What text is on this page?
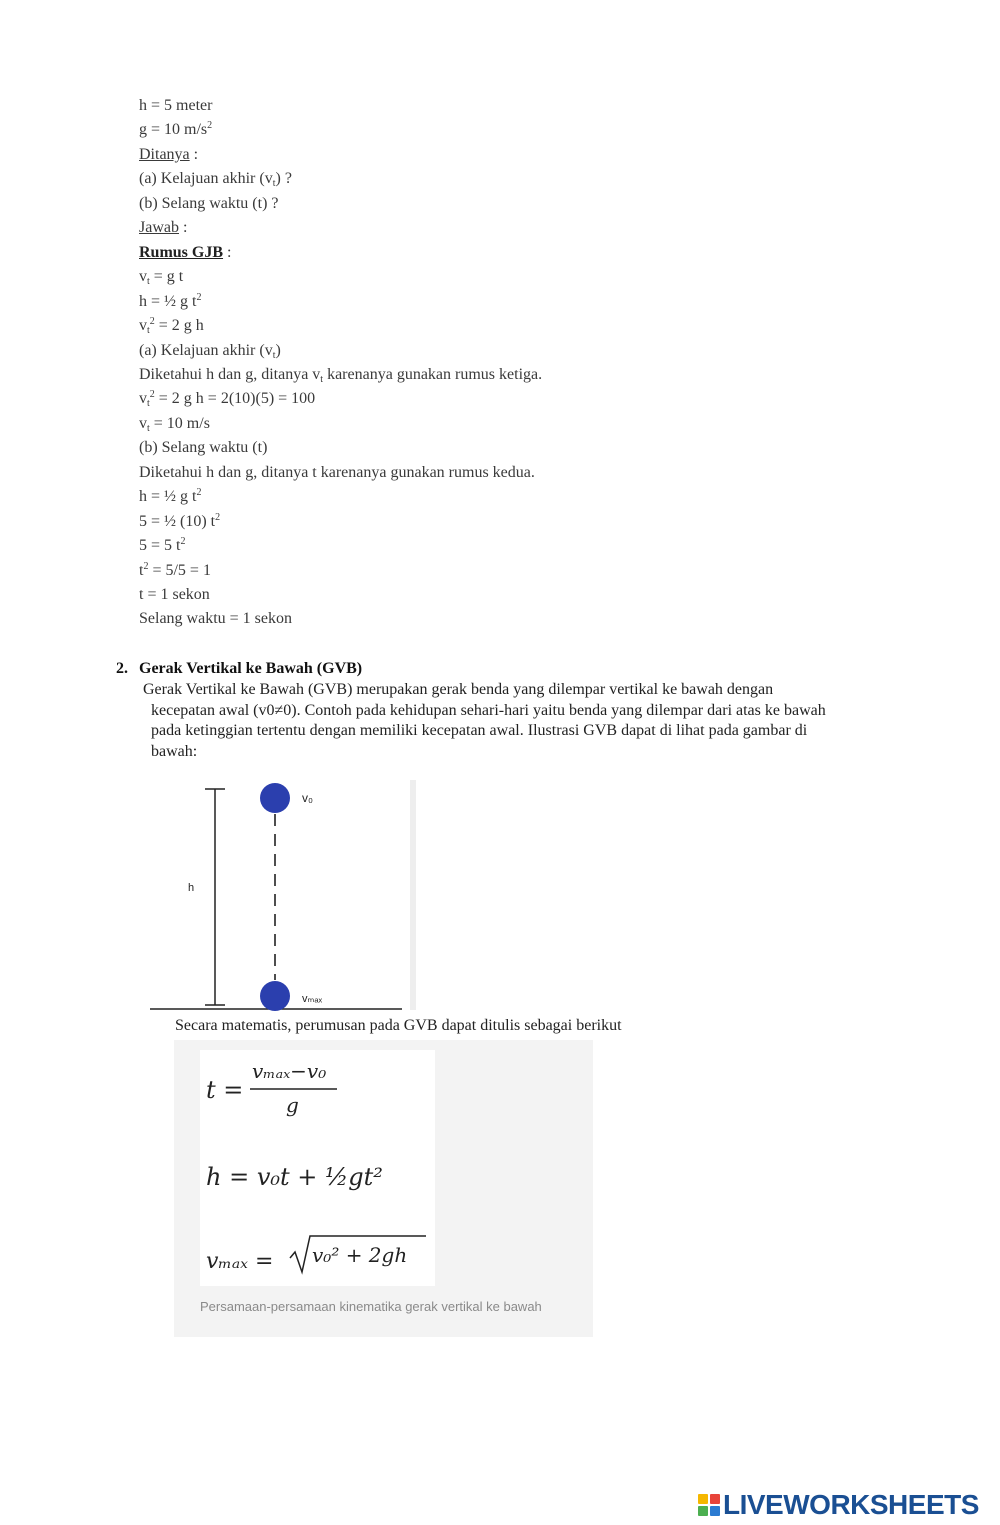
h = 5 meter
g = 10 $m/s^2$
Ditanya :
(a) Kelajuan akhir $(v_t)$ ?
(b) Selang waktu (t) ?
Jawab :
Rumus GJB :
$v_t = g$ t
h = ½ g $t^2$
$v_t^2 = 2$ g h
(a) Kelajuan akhir $(v_t)$
Diketahui h dan g, ditanya $v_t$ karenanya gunakan rumus ketiga.
$v_t^2 = 2$ g h = 2(10)(5) = 100
$v_t = 10$ m/s
(b) Selang waktu (t)
Diketahui h dan g, ditanya t karenanya gunakan rumus kedua.
h = ½ g $t^2$
5 = ½ (10) $t^2$
5 = 5 $t^2$
$t^2 = 5/5 = 1$
t = 1 sekon
Selang waktu = 1 sekon
2. Gerak Vertikal ke Bawah (GVB)
Gerak Vertikal ke Bawah (GVB) merupakan gerak benda yang dilempar vertikal ke bawah dengan
kecepatan awal (v0≠0). Contoh pada kehidupan sehari-hari yaitu benda yang dilempar dari atas ke bawah
pada ketinggian tertentu dengan memiliki kecepatan awal. Ilustrasi GVB dapat di lihat pada gambar di
bawah:
h
v₀
vₘₐₓ
Secara matematis, perumusan pada GVB dapat ditulis sebagai berikut
t =
vₘₐₓ−v₀
g
h = v₀t + ½gt²
vₘₐₓ = v₀² + 2gh
Persamaan-persamaan kinematika gerak vertikal ke bawah
LIVEWORKSHEETS
